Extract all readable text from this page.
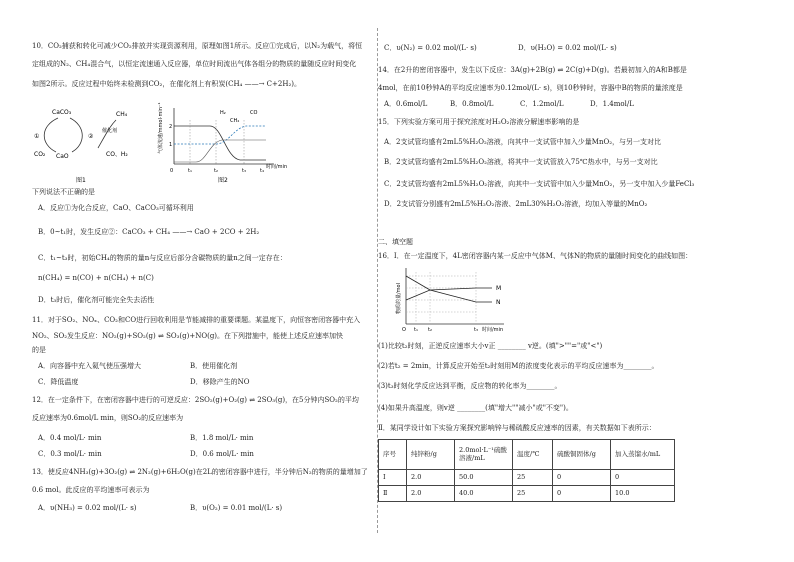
10．CO₂捕获和转化可减少CO₂排放并实现资源利用，原理如图1所示。反应①完成后，以N₂为载气，将恒
定组成的N₂、CH₄混合气，以恒定流速通入反应器，单位时间流出气体各组分的物质的量随反应时间变化
如图2所示。反应过程中始终未检测到CO₂，在催化剂上有积炭(CH₄ ——→ C+2H₂)。
CaCO₃
CaO
①	②
CO₂
CH₄
催化剂
CO、H₂
图1
气体流速/mmol·min⁻¹ 2
1
H₂	CO
CH₄
0	t₁	t₂	t₃	t₄
时间/min
图2
下列说法不正确的是
A．反应①为化合反应，CaO、CaCO₃可循环利用
B．0~t₁时，发生反应②：CaCO₃ + CH₄ ——→ CaO + 2CO + 2H₂
C．t₁~t₃时，初始CH₄的物质的量n与反应后部分含碳物质的量n之间一定存在：
n(CH₄) = n(CO) + n(CH₄) + n(C)
D．t₃时后，催化剂可能完全失去活性
11．对于SO₂、NOₓ、CO₂和CO进行回收利用是节能减排的重要课题。某温度下，向恒容密闭容器中充入
NO₂、SO₂发生反应：NO₂(g)+SO₂(g) ⇌ SO₃(g)+NO(g)。在下列措施中，能使上述反应速率加快
的是
A．向容器中充入氦气使压强增大	B．使用催化剂
C．降低温度	D．移除产生的NO
12．在一定条件下，在密闭容器中进行的可逆反应：2SO₂(g)+O₂(g) ⇌ 2SO₃(g)，在5分钟内SO₂的平均
反应速率为0.6mol/L min，则SO₂的反应速率为
A．0.4 mol/L· min	B．1.8 mol/L· min
C．0.3 mol/L· min	D．0.6 mol/L· min
13．使反应4NH₃(g)+3O₂(g) ⇌ 2N₂(g)+6H₂O(g)在2L的密闭容器中进行，半分钟后N₂的物质的量增加了
0.6 mol。此反应的平均速率可表示为
A．υ(NH₃) = 0.02 mol/(L· s)	B．υ(O₂) = 0.01 mol/(L· s)
C．υ(N₂) = 0.02 mol/(L· s)	D．υ(H₂O) = 0.02 mol/(L· s)
14．在2升的密闭容器中，发生以下反应：3A(g)+2B(g) ⇌ 2C(g)+D(g)。若最初加入的A和B都是
4mol，在前10秒钟A的平均反应速率为0.12mol/(L· s)，则10秒钟时，容器中B的物质的量浓度是
A．0.6mol/L	B．0.8mol/L	C．1.2mol/L	D．1.4mol/L
15．下列实验方案可用于探究浓度对H₂O₂溶液分解速率影响的是
A．2支试管均盛有2mL5%H₂O₂溶液，向其中一支试管中加入少量MnO₂，与另一支对比
B．2支试管均盛有2mL5%H₂O₂溶液，将其中一支试管放入75℃热水中，与另一支对比
C．2支试管均盛有2mL5%H₂O₂溶液，向其中一支试管中加入少量MnO₂，另一支中加入少量FeCl₃
D．2支试管分别盛有2mL5%H₂O₂溶液、2mL30%H₂O₂溶液，均加入等量的MnO₂
二、填空题
16．Ⅰ．在一定温度下，4L密闭容器内某一反应中气体M、气体N的物质的量随时间变化的曲线如图：
物质的量/mol	M
N
O t₁ t₂	t₃ 时间/min
(1)比较t₂时刻，正逆反应速率大小v正 ________ v逆。(填">""="或"<")
(2)若t₂ = 2min，计算反应开始至t₂时刻用M的浓度变化表示的平均反应速率为________。
(3)t₃时刻化学反应达到平衡，反应物的转化率为________。
(4)如果升高温度，则v逆 ________(填"增大""减小"或"不变")。
Ⅱ．某同学设计如下实验方案探究影响锌与稀硫酸反应速率的因素，有关数据如下表所示：
序号	纯锌粉/g	2.0mol·L⁻¹硫酸溶液/mL	温度/℃	硫酸铜固体/g	加入蒸馏水/mL
Ⅰ	2.0	50.0	25	0	0
Ⅱ	2.0	40.0	25	0	10.0
